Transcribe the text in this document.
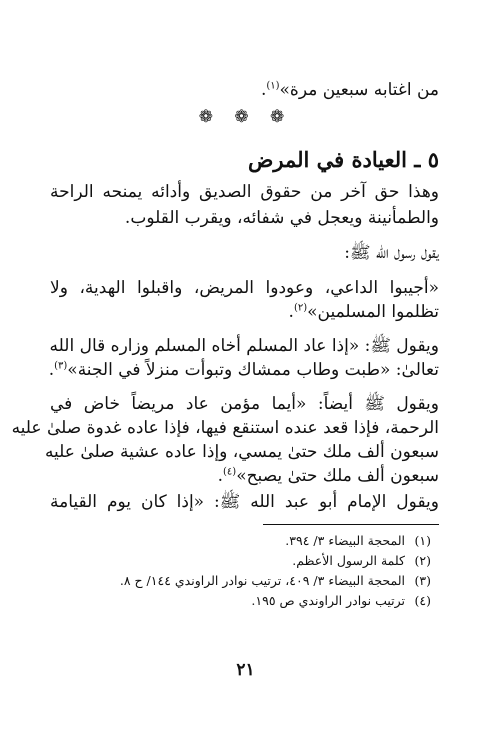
من اغتابه سبعين مرة»$^{(١)}$.
❁ ❁ ❁
٥ ـ العيادة في المرض
وهذا حق آخر من حقوق الصديق وأدائه يمنحه الراحة
والطمأنينة ويعجل في شفائه، ويقرب القلوب.
يقول رسول الله ﷺ:
«أجيبوا الداعي، وعودوا المريض، واقبلوا الهدية، ولا
تظلموا المسلمين»$^{(٢)}$.
ويقول ﷺ: «إذا عاد المسلم أخاه المسلم وزاره قال الله
تعالىٰ: «طبت وطاب ممشاك وتبوأت منزلاً في الجنة»$^{(٣)}$.
ويقول ﷺ أيضاً: «أيما مؤمن عاد مريضاً خاض في
الرحمة، فإذا قعد عنده استنقع فيها، فإذا عاده غدوة صلىٰ عليه
سبعون ألف ملك حتىٰ يمسي، وإذا عاده عشية صلىٰ عليه
سبعون ألف ملك حتىٰ يصبح»$^{(٤)}$.
ويقول الإمام أبو عبد الله ﷺ: «إذا كان يوم القيامة
(١)المحجة البيضاء ٣/ ٣٩٤.
(٢)كلمة الرسول الأعظم.
(٣)المحجة البيضاء ٣/ ٤٠٩، ترتيب نوادر الراوندي ١٤٤/ ح ٨.
(٤)ترتيب نوادر الراوندي ص ١٩٥.
٢١
